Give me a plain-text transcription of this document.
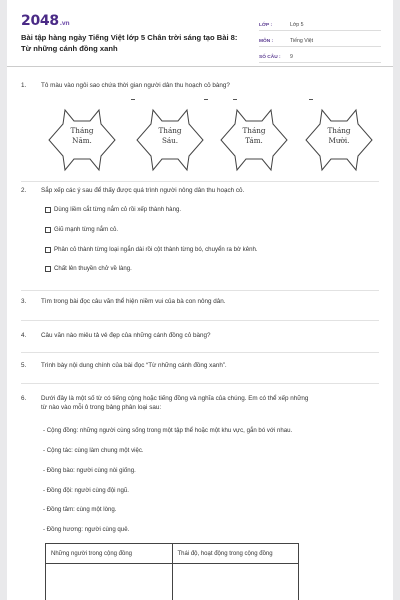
2048.vn
Bài tập hàng ngày Tiếng Việt lớp 5 Chân trời sáng tạo Bài 8: Từ những cánh đồng xanh
LỚP :	Lớp 5
MÔN :	Tiếng Việt
SỐ CÂU :	9
1.	Tô màu vào ngôi sao chứa thời gian người dân thu hoạch cỏ bàng?
Tháng
Năm.
Tháng
Sáu.
Tháng
Tám.
Tháng
Mười.
2.	Sắp xếp các ý sau để thấy được quá trình người nông dân thu hoạch cỏ.
Dùng liềm cắt từng nắm cỏ rồi xếp thành hàng.
Giũ mạnh từng nắm cỏ.
Phân cỏ thành từng loại ngắn dài rồi cột thành từng bó, chuyển ra bờ kênh.
Chất lên thuyền chở về làng.
3.	Tìm trong bài đọc câu văn thể hiện niềm vui của bà con nông dân.
4.	Câu văn nào miêu tả vẻ đẹp của những cánh đồng cỏ bàng?
5.	Trình bày nội dung chính của bài đọc “Từ những cánh đồng xanh”.
6.	Dưới đây là một số từ có tiếng cộng hoặc tiếng đồng và nghĩa của chúng. Em có thể xếp những
từ nào vào mỗi ô trong bảng phân loại sau:
- Cộng đồng: những người cùng sống trong một tập thể hoặc một khu vực, gắn bó với nhau.
- Cộng tác: cùng làm chung một việc.
- Đồng bào: người cùng nòi giống.
- Đồng đội: người cùng đội ngũ.
- Đồng tâm: cùng một lòng.
- Đồng hương: người cùng quê.
Những người trong cộng đồng	Thái độ, hoạt động trong cộng đồng
